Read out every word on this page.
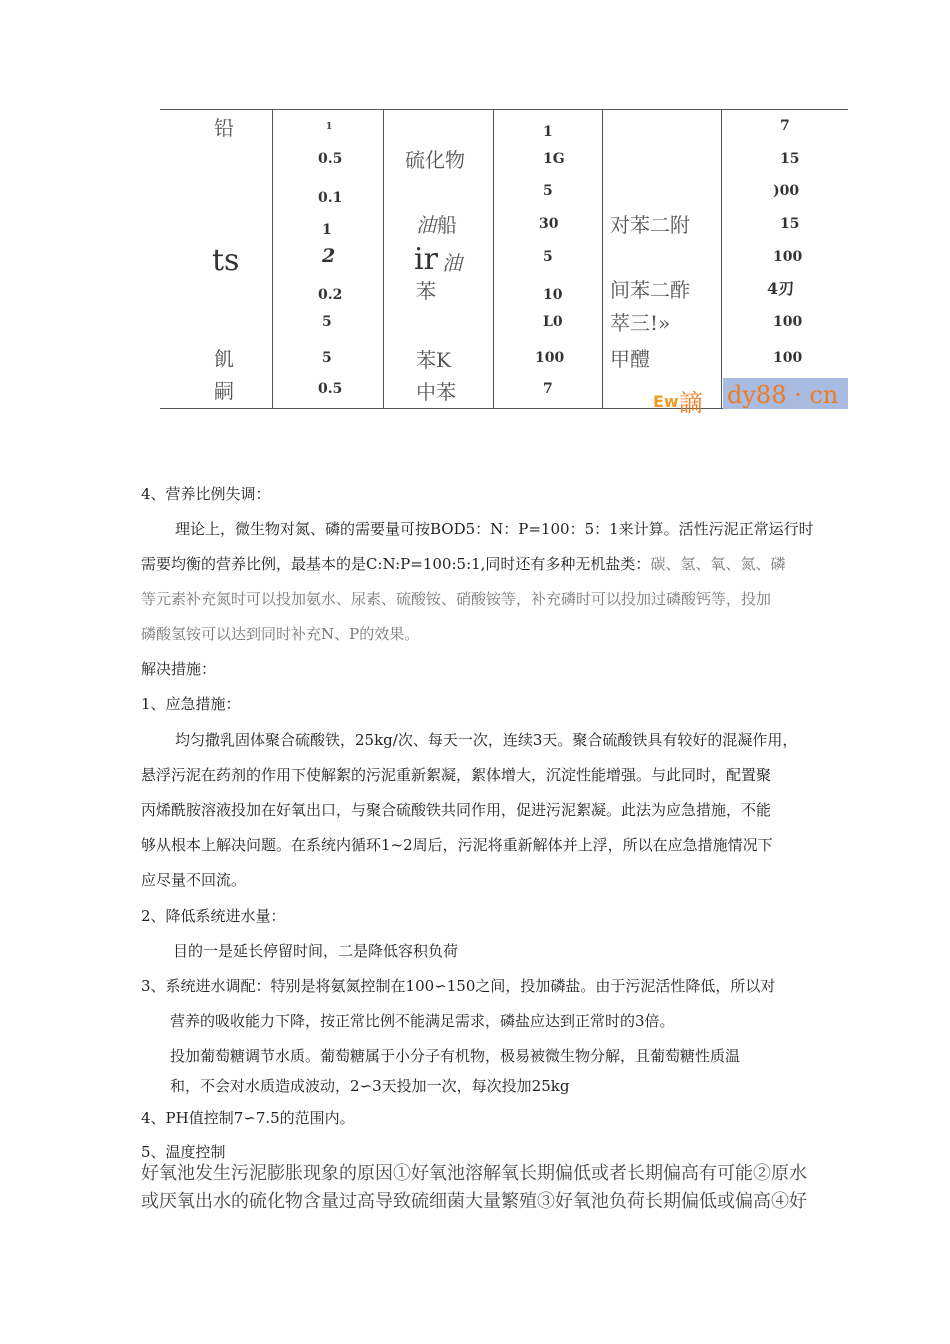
铅
ts
飢
嗣
1
0.5
0.1
1
2
0.2
5
5
0.5
硫化物
油 船
ir 油
苯
苯K
中苯
1
1G
5
30
5
10
L0
100
7
对苯二附
间苯二酢
萃三!»
甲醴
7
15
)00
15
100
4刃
100
100
Ew 謫 dy88 · cn
4、营养比例失调：
理论上，微生物对氮、磷的需要量可按BOD5：N：P=100：5：1来计算。活性污泥正常运行时
需要均衡的营养比例，最基本的是C:N:P=100:5:1,同时还有多种无机盐类：碳、氢、氧、氮、磷
等元素补充氮时可以投加氨水、尿素、硫酸铵、硝酸铵等，补充磷时可以投加过磷酸钙等，投加
磷酸氢铵可以达到同时补充N、P的效果。
解决措施：
1、应急措施：
均匀撒乳固体聚合硫酸铁，25kg/次、每天一次，连续3天。聚合硫酸铁具有较好的混凝作用，
悬浮污泥在药剂的作用下使解絮的污泥重新絮凝，絮体增大，沉淀性能增强。与此同时，配置聚
丙烯酰胺溶液投加在好氧出口，与聚合硫酸铁共同作用，促进污泥絮凝。此法为应急措施，不能
够从根本上解决问题。在系统内循环1~2周后，污泥将重新解体并上浮，所以在应急措施情况下
应尽量不回流。
2、降低系统进水量：
目的一是延长停留时间，二是降低容积负荷
3、系统进水调配：特别是将氨氮控制在100∽150之间，投加磷盐。由于污泥活性降低，所以对
营养的吸收能力下降，按正常比例不能满足需求，磷盐应达到正常时的3倍。
投加葡萄糖调节水质。葡萄糖属于小分子有机物，极易被微生物分解，且葡萄糖性质温
和，不会对水质造成波动，2∽3天投加一次，每次投加25kg
4、PH值控制7∽7.5的范围内。
5、温度控制
好氧池发生污泥膨胀现象的原因①好氧池溶解氧长期偏低或者长期偏高有可能②原水
或厌氧出水的硫化物含量过高导致硫细菌大量繁殖③好氧池负荷长期偏低或偏高④好
